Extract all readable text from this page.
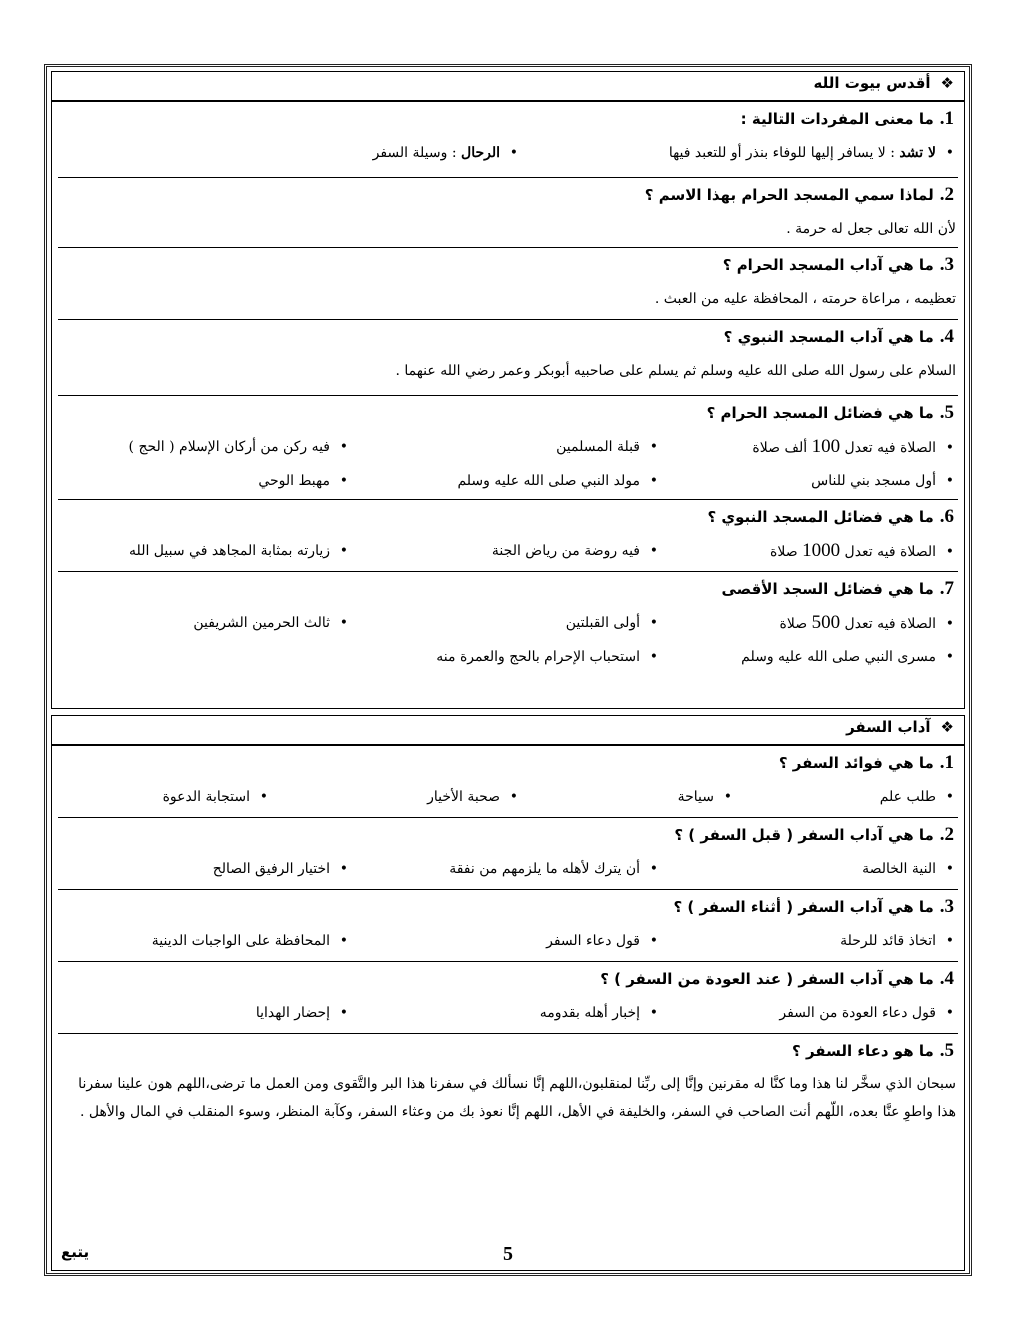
❖أقدس بيوت الله
1.ما معنى المفردات التالية :
•لا تشد : لا يسافر إليها للوفاء بنذر أو للتعبد فيها
•الرحال : وسيلة السفر
2.لماذا سمي المسجد الحرام بهذا الاسم ؟
لأن الله تعالى جعل له حرمة .
3.ما هي آداب المسجد الحرام ؟
تعظيمه ، مراعاة حرمته ، المحافظة عليه من العبث .
4.ما هي آداب المسجد النبوي ؟
السلام على رسول الله صلى الله عليه وسلم ثم يسلم على صاحبيه أبوبكر وعمر رضي الله عنهما .
5.ما هي فضائل المسجد الحرام ؟
•الصلاة فيه تعدل 100 ألف صلاة
•قبلة المسلمين
•فيه ركن من أركان الإسلام ( الحج )
•أول مسجد بني للناس
•مولد النبي صلى الله عليه وسلم
•مهبط الوحي
6.ما هي فضائل المسجد النبوي ؟
•الصلاة فيه تعدل 1000 صلاة
•فيه روضة من رياض الجنة
•زيارته بمثابة المجاهد في سبيل الله
7.ما هي فضائل السجد الأقصى
•الصلاة فيه تعدل 500 صلاة
•أولى القبلتين
•ثالث الحرمين الشريفين
•مسرى النبي صلى الله عليه وسلم
•استحباب الإحرام بالحج والعمرة منه
❖آداب السفر
1.ما هي فوائد السفر ؟
•طلب علم
•سياحة
•صحبة الأخيار
•استجابة الدعوة
2.ما هي آداب السفر ( قبل السفر ) ؟
•النية الخالصة
•أن يترك لأهله ما يلزمهم من نفقة
•اختيار الرفيق الصالح
3.ما هي آداب السفر ( أثناء السفر ) ؟
•اتخاذ قائد للرحلة
•قول دعاء السفر
•المحافظة على الواجبات الدينية
4.ما هي آداب السفر ( عند العودة من السفر ) ؟
•قول دعاء العودة من السفر
•إخبار أهله بقدومه
•إحضار الهدايا
5.ما هو دعاء السفر ؟
سبحان الذي سخَّر لنا هذا وما كنَّا له مقرنين وإنَّا إلى ربِّنا لمنقلبون،اللهم إنَّا نسألك في سفرنا هذا البر والتَّقوى ومن العمل ما ترضى،اللهم هون علينا سفرنا
هذا واطوِ عنَّا بعده، اللّهم أنت الصاحب في السفر، والخليفة في الأهل، اللهم إنَّا نعوذ بك من وعثاء السفر، وكآبة المنظر، وسوء المنقلب في المال والأهل .
5
يتبع
